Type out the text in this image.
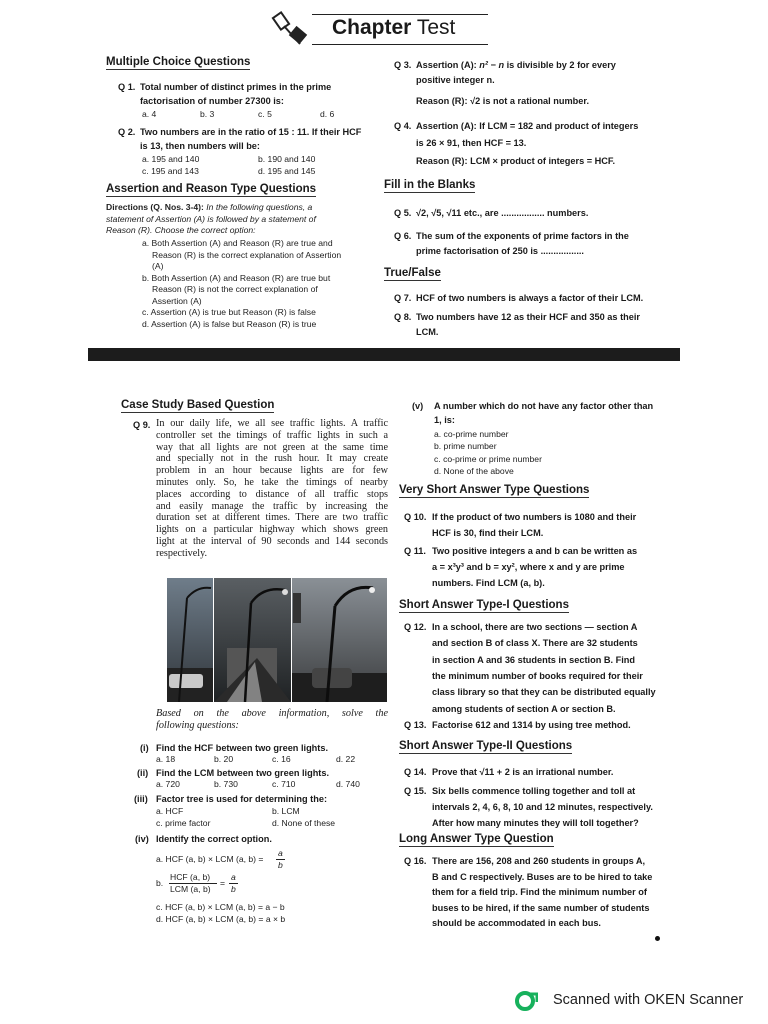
Chapter Test
Multiple Choice Questions
Q 1. Total number of distinct primes in the prime
factorisation of number 27300 is:
a. 4	b. 3	c. 5	d. 6
Q 2. Two numbers are in the ratio of 15 : 11. If their HCF
is 13, then numbers will be:
a. 195 and 140	b. 190 and 140
c. 195 and 143	d. 195 and 145
Assertion and Reason Type Questions
Directions (Q. Nos. 3-4): In the following questions, a
statement of Assertion (A) is followed by a statement of
Reason (R). Choose the correct option:
a. Both Assertion (A) and Reason (R) are true and
Reason (R) is the correct explanation of Assertion
(A)
b. Both Assertion (A) and Reason (R) are true but
Reason (R) is not the correct explanation of
Assertion (A)
c. Assertion (A) is true but Reason (R) is false
d. Assertion (A) is false but Reason (R) is true
Q 3. Assertion (A): n² − n is divisible by 2 for every
positive integer n.
Reason (R): √2 is not a rational number.
Q 4. Assertion (A): If LCM = 182 and product of integers
is 26 × 91, then HCF = 13.
Reason (R): LCM × product of integers = HCF.
Fill in the Blanks
Q 5. √2, √5, √11 etc., are ................. numbers.
Q 6. The sum of the exponents of prime factors in the
prime factorisation of 250 is .................
True/False
Q 7. HCF of two numbers is always a factor of their LCM.
Q 8. Two numbers have 12 as their HCF and 350 as their
LCM.
Case Study Based Question
Q 9. In our daily life, we all see traffic lights. A traffic
controller set the timings of traffic lights in such a
way that all lights are not green at the same time
and specially not in the rush hour. It may create
problem in an hour because lights are for few
minutes only. So, he take the timings of nearby
places according to distance of all traffic stops
and easily manage the traffic by increasing the
duration set at different times. There are two traffic
lights on a particular highway which shows green
light at the interval of 90 seconds and 144 seconds
respectively.
Based on the above information, solve the
following questions:
(i) Find the HCF between two green lights.
a. 18	b. 20	c. 16	d. 22
(ii) Find the LCM between two green lights.
a. 720	b. 730	c. 710	d. 740
(iii) Factor tree is used for determining the:
a. HCF	b. LCM
c. prime factor	d. None of these
(iv) Identify the correct option.
a. HCF (a, b) × LCM (a, b) =
a
b
b.
HCF (a, b)
LCM (a, b)
=
a
b
c. HCF (a, b) × LCM (a, b) = a − b
d. HCF (a, b) × LCM (a, b) = a × b
(v) A number which do not have any factor other than
1, is:
a. co-prime number
b. prime number
c. co-prime or prime number
d. None of the above
Very Short Answer Type Questions
Q 10. If the product of two numbers is 1080 and their
HCF is 30, find their LCM.
Q 11. Two positive integers a and b can be written as
a = x³y³ and b = xy², where x and y are prime
numbers. Find LCM (a, b).
Short Answer Type-I Questions
Q 12. In a school, there are two sections — section A
and section B of class X. There are 32 students
in section A and 36 students in section B. Find
the minimum number of books required for their
class library so that they can be distributed equally
among students of section A or section B.
Q 13. Factorise 612 and 1314 by using tree method.
Short Answer Type-II Questions
Q 14. Prove that √11 + 2 is an irrational number.
Q 15. Six bells commence tolling together and toll at
intervals 2, 4, 6, 8, 10 and 12 minutes, respectively.
After how many minutes they will toll together?
Long Answer Type Question
Q 16. There are 156, 208 and 260 students in groups A,
B and C respectively. Buses are to be hired to take
them for a field trip. Find the minimum number of
buses to be hired, if the same number of students
should be accommodated in each bus.
Scanned with OKEN Scanner
